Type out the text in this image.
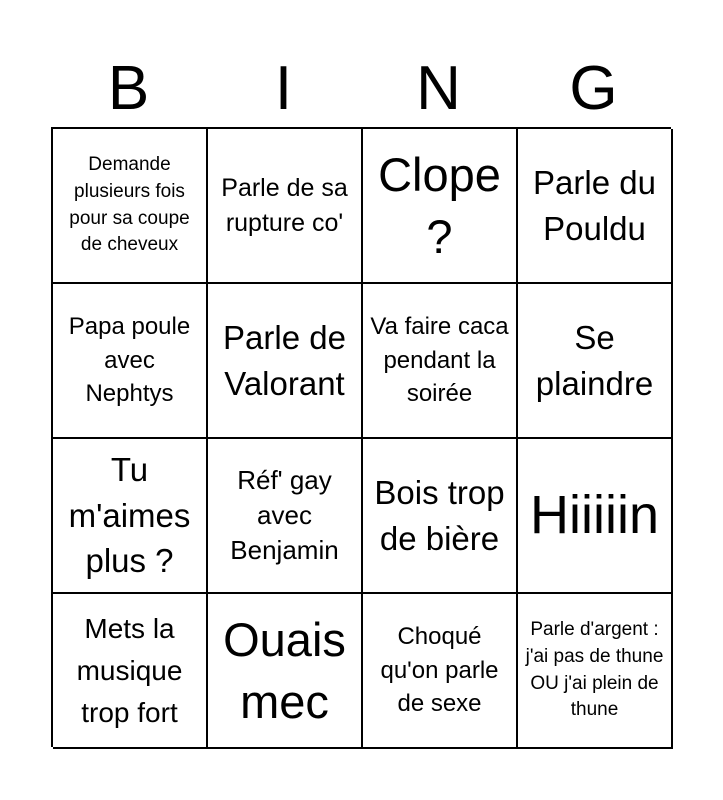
B	I	N	G
Demande plusieurs fois pour sa coupe de cheveux
Parle de sa rupture co'
Clope ?
Parle du Pouldu
Papa poule avec Nephtys
Parle de Valorant
Va faire caca pendant la soirée
Se plaindre
Tu m'aimes plus ?
Réf' gay avec Benjamin
Bois trop de bière Hiiiiin
Mets la musique trop fort
Ouais mec
Choqué qu'on parle de sexe
Parle d'argent : j'ai pas de thune OU j'ai plein de thune
